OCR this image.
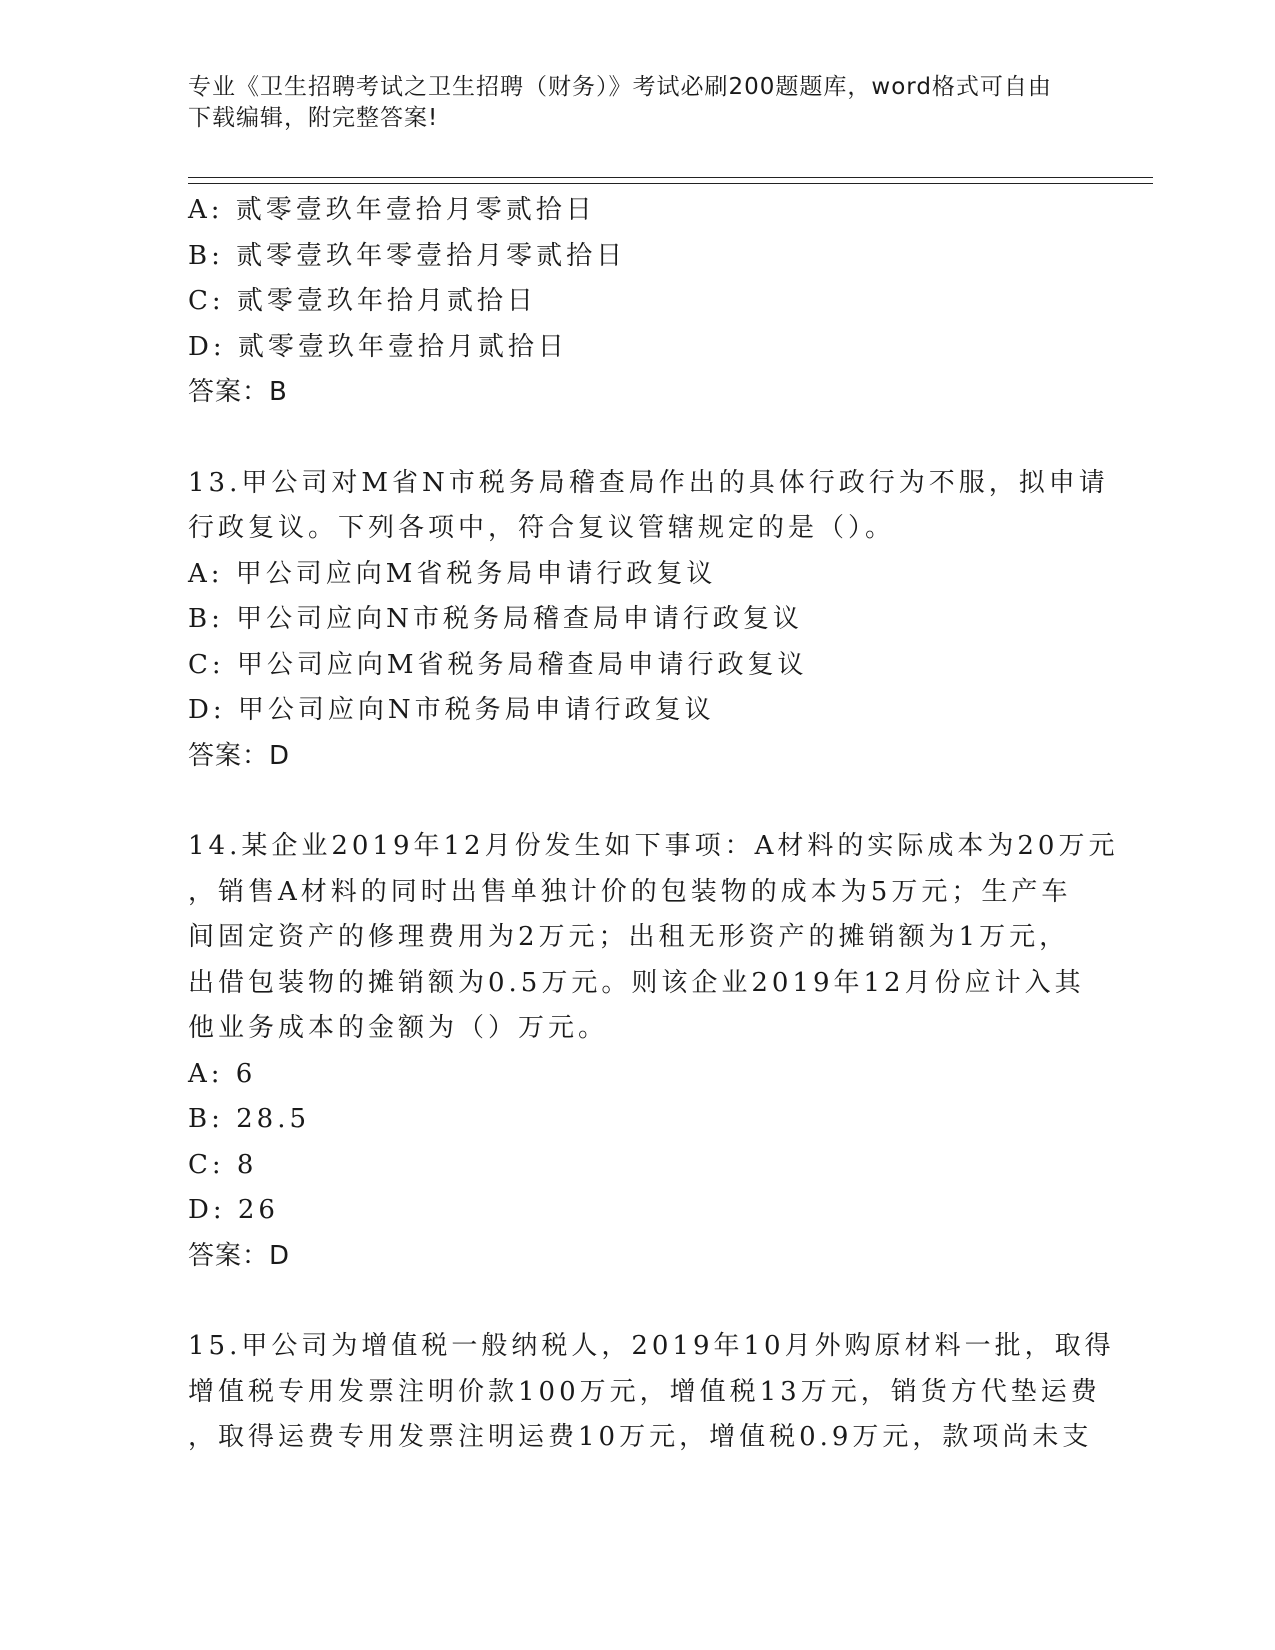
专业《卫生招聘考试之卫生招聘（财务）》考试必刷200题题库，word格式可自由下载编辑，附完整答案!
A: 贰零壹玖年壹拾月零贰拾日
B: 贰零壹玖年零壹拾月零贰拾日
C: 贰零壹玖年拾月贰拾日
D: 贰零壹玖年壹拾月贰拾日
答案：B
13.甲公司对M省N市税务局稽查局作出的具体行政行为不服，拟申请
行政复议。下列各项中，符合复议管辖规定的是（）。
A: 甲公司应向M省税务局申请行政复议
B: 甲公司应向N市税务局稽查局申请行政复议
C: 甲公司应向M省税务局稽查局申请行政复议
D: 甲公司应向N市税务局申请行政复议
答案：D
14.某企业2019年12月份发生如下事项：A材料的实际成本为20万元
，销售A材料的同时出售单独计价的包装物的成本为5万元；生产车
间固定资产的修理费用为2万元；出租无形资产的摊销额为1万元，
出借包装物的摊销额为0.5万元。则该企业2019年12月份应计入其
他业务成本的金额为（）万元。
A: 6
B: 28.5
C: 8
D: 26
答案：D
15.甲公司为增值税一般纳税人，2019年10月外购原材料一批，取得
增值税专用发票注明价款100万元，增值税13万元，销货方代垫运费
，取得运费专用发票注明运费10万元，增值税0.9万元，款项尚未支
